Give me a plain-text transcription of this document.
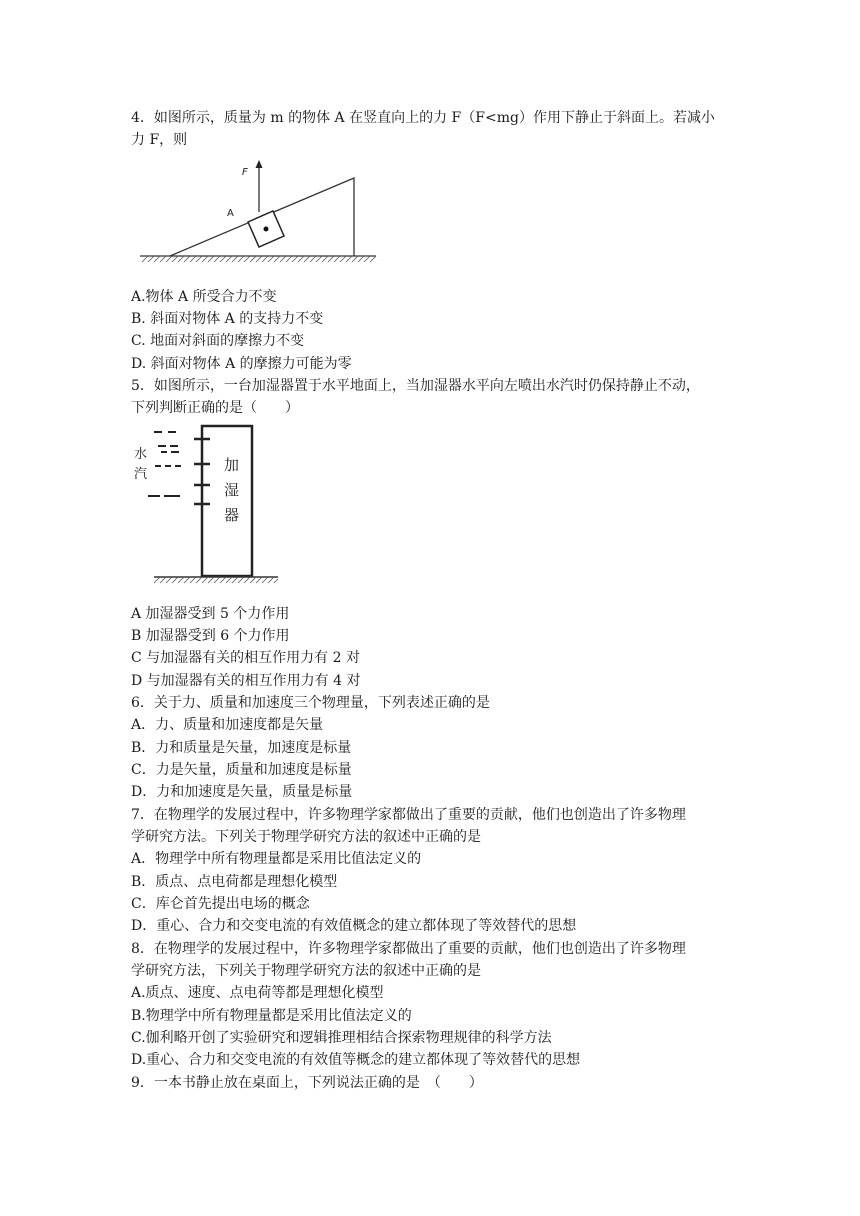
4．如图所示，质量为 m 的物体 A 在竖直向上的力 F（F<mg）作用下静止于斜面上。若减小
力 F，则
F
A
A.物体 A 所受合力不变
B. 斜面对物体 A 的支持力不变
C. 地面对斜面的摩擦力不变
D. 斜面对物体 A 的摩擦力可能为零
5．如图所示，一台加湿器置于水平地面上，当加湿器水平向左喷出水汽时仍保持静止不动，
下列判断正确的是（　　）
水
汽
加
湿
器
A 加湿器受到 5 个力作用
B 加湿器受到 6 个力作用
C 与加湿器有关的相互作用力有 2 对
D 与加湿器有关的相互作用力有 4 对
6．关于力、质量和加速度三个物理量，下列表述正确的是
A．力、质量和加速度都是矢量
B．力和质量是矢量，加速度是标量
C．力是矢量，质量和加速度是标量
D．力和加速度是矢量，质量是标量
7．在物理学的发展过程中，许多物理学家都做出了重要的贡献，他们也创造出了许多物理
学研究方法。下列关于物理学研究方法的叙述中正确的是
A．物理学中所有物理量都是采用比值法定义的
B．质点、点电荷都是理想化模型
C．库仑首先提出电场的概念
D．重心、合力和交变电流的有效值概念的建立都体现了等效替代的思想
8．在物理学的发展过程中，许多物理学家都做出了重要的贡献，他们也创造出了许多物理
学研究方法，下列关于物理学研究方法的叙述中正确的是
A.质点、速度、点电荷等都是理想化模型
B.物理学中所有物理量都是采用比值法定义的
C.伽利略开创了实验研究和逻辑推理相结合探索物理规律的科学方法
D.重心、合力和交变电流的有效值等概念的建立都体现了等效替代的思想
9．一本书静止放在桌面上，下列说法正确的是　（　　）
